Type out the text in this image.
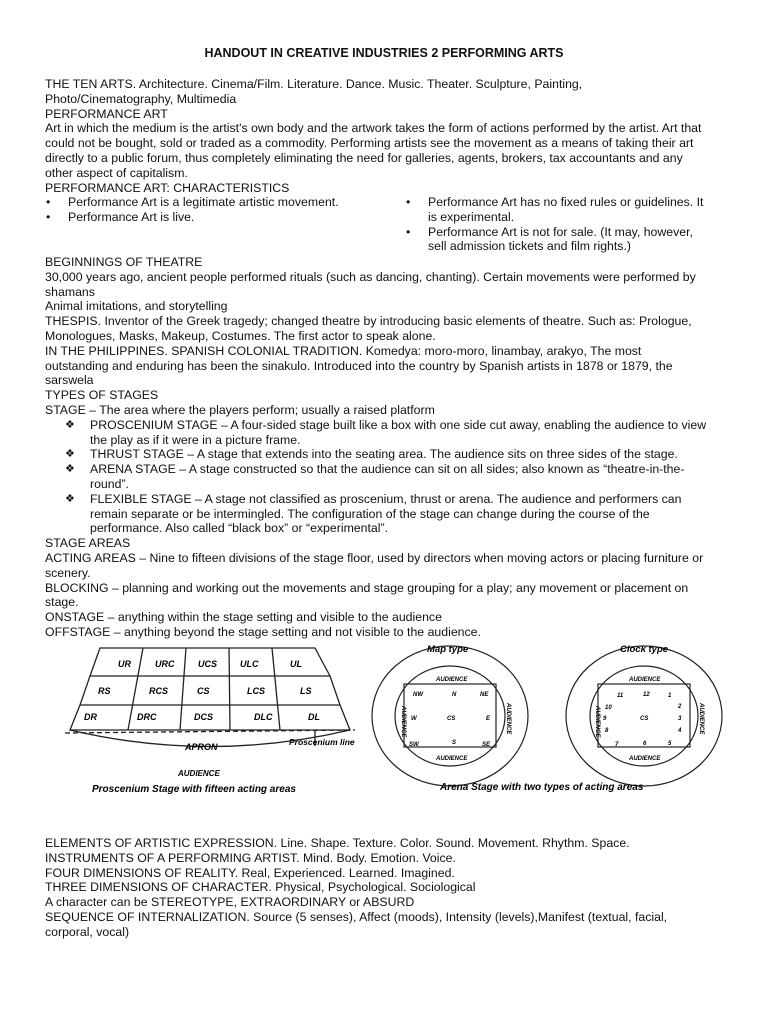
HANDOUT IN CREATIVE INDUSTRIES 2 PERFORMING ARTS

THE TEN ARTS. Architecture. Cinema/Film. Literature. Dance. Music. Theater. Sculpture, Painting,

Photo/Cinematography, Multimedia

PERFORMANCE ART

Art in which the medium is the artist's own body and the artwork takes the form of actions performed by the artist. Art that

could not be bought, sold or traded as a commodity. Performing artists see the movement as a means of taking their art

directly to a public forum, thus completely eliminating the need for galleries, agents, brokers, tax accountants and any

other aspect of capitalism.

PERFORMANCE ART: CHARACTERISTICS

• Performance Art is a legitimate artistic movement.
• Performance Art is live.
• Performance Art has no fixed rules or guidelines. It
is experimental.
• Performance Art is not for sale. (It may, however,
sell admission tickets and film rights.)

BEGINNINGS OF THEATRE

30,000 years ago, ancient people performed rituals (such as dancing, chanting). Certain movements were performed by

shamans

Animal imitations, and storytelling

THESPIS. Inventor of the Greek tragedy; changed theatre by introducing basic elements of theatre. Such as: Prologue,

Monologues, Masks, Makeup, Costumes. The first actor to speak alone.

IN THE PHILIPPINES. SPANISH COLONIAL TRADITION. Komedya: moro-moro, linambay, arakyo, The most

outstanding and enduring has been the sinakulo. Introduced into the country by Spanish artists in 1878 or 1879, the

sarswela

TYPES OF STAGES

STAGE – The area where the players perform; usually a raised platform

❖ PROSCENIUM STAGE – A four-sided stage built like a box with one side cut away, enabling the audience to view
the play as if it were in a picture frame.
❖ THRUST STAGE – A stage that extends into the seating area. The audience sits on three sides of the stage.
❖ ARENA STAGE – A stage constructed so that the audience can sit on all sides; also known as “theatre-in-the-
round”.
❖ FLEXIBLE STAGE – A stage not classified as proscenium, thrust or arena. The audience and performers can
remain separate or be intermingled. The configuration of the stage can change during the course of the
performance. Also called “black box” or “experimental”.

STAGE AREAS

ACTING AREAS – Nine to fifteen divisions of the stage floor, used by directors when moving actors or placing furniture or

scenery.

BLOCKING – planning and working out the movements and stage grouping for a play; any movement or placement on

stage.

ONSTAGE – anything within the stage setting and visible to the audience

OFFSTAGE – anything beyond the stage setting and not visible to the audience.

UR	URC	UCS	ULC	UL
RS	RCS	CS	LCS	LS
DR	DRC	DCS	DLC	DL
APRON	Proscenium line
AUDIENCE
Proscenium Stage with fifteen acting areas
Map type
AUDIENCE
AUDIENCE
AUDIENCE	AUDIENCE
NW	N	NE
W	CS	E
SW	S	SE
Clock type
AUDIENCE
AUDIENCE
AUDIENCE	AUDIENCE
11	12	1
10	2
9	CS	3
8	4
7	6	5
Arena Stage with two types of acting areas

ELEMENTS OF ARTISTIC EXPRESSION. Line. Shape. Texture. Color. Sound. Movement. Rhythm. Space.

INSTRUMENTS OF A PERFORMING ARTIST. Mind. Body. Emotion. Voice.

FOUR DIMENSIONS OF REALITY. Real, Experienced. Learned. Imagined.

THREE DIMENSIONS OF CHARACTER. Physical, Psychological. Sociological

A character can be STEREOTYPE, EXTRAORDINARY or ABSURD

SEQUENCE OF INTERNALIZATION. Source (5 senses), Affect (moods), Intensity (levels),Manifest (textual, facial,

corporal, vocal)
